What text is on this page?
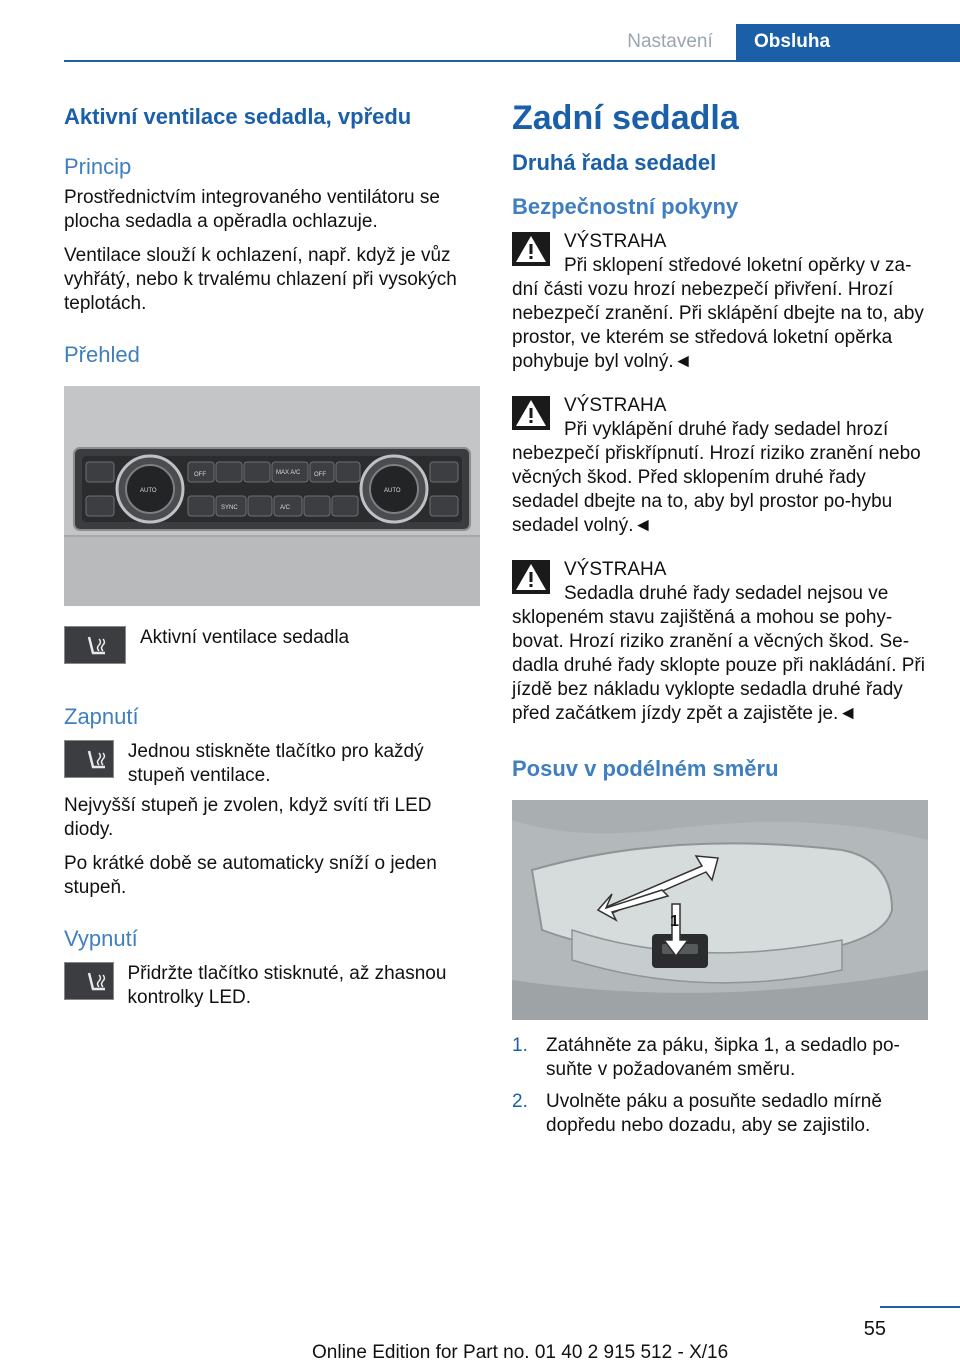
Nastavení	Obsluha
Aktivní ventilace sedadla, vpředu
Princip
Prostřednictvím integrovaného ventilátoru se plocha sedadla a opěradla ochlazuje.
Ventilace slouží k ochlazení, např. když je vůz vyhřátý, nebo k trvalému chlazení při vysokých teplotách.
Přehled
AUTO	AUTO
OFF	OFF
MAX A/C
SYNC	A/C
Aktivní ventilace sedadla
Zapnutí
Jednou stiskněte tlačítko pro každý stupeň ventilace.
Nejvyšší stupeň je zvolen, když svítí tři LED diody.
Po krátké době se automaticky sníží o jeden stupeň.
Vypnutí
Přidržte tlačítko stisknuté, až zhasnou kontrolky LED.
Zadní sedadla
Druhá řada sedadel
Bezpečnostní pokyny
VÝSTRAHA
Při sklopení středové loketní opěrky v za‐dní části vozu hrozí nebezpečí přivření. Hrozí nebezpečí zranění. Při sklápění dbejte na to, aby prostor, ve kterém se středová loketní opěrka pohybuje byl volný.◄
VÝSTRAHA
Při vyklápění druhé řady sedadel hrozí nebezpečí přiskřípnutí. Hrozí riziko zranění nebo věcných škod. Před sklopením druhé řady sedadel dbejte na to, aby byl prostor po‐hybu sedadel volný.◄
VÝSTRAHA
Sedadla druhé řady sedadel nejsou ve sklopeném stavu zajištěná a mohou se pohy‐bovat. Hrozí riziko zranění a věcných škod. Se‐dadla druhé řady sklopte pouze při nakládání. Při jízdě bez nákladu vyklopte sedadla druhé řady před začátkem jízdy zpět a zajistěte je.◄
Posuv v podélném směru
1
1. Zatáhněte za páku, šipka 1, a sedadlo po‐suňte v požadovaném směru.
2. Uvolněte páku a posuňte sedadlo mírně dopředu nebo dozadu, aby se zajistilo.
55
Online Edition for Part no. 01 40 2 915 512 - X/16
